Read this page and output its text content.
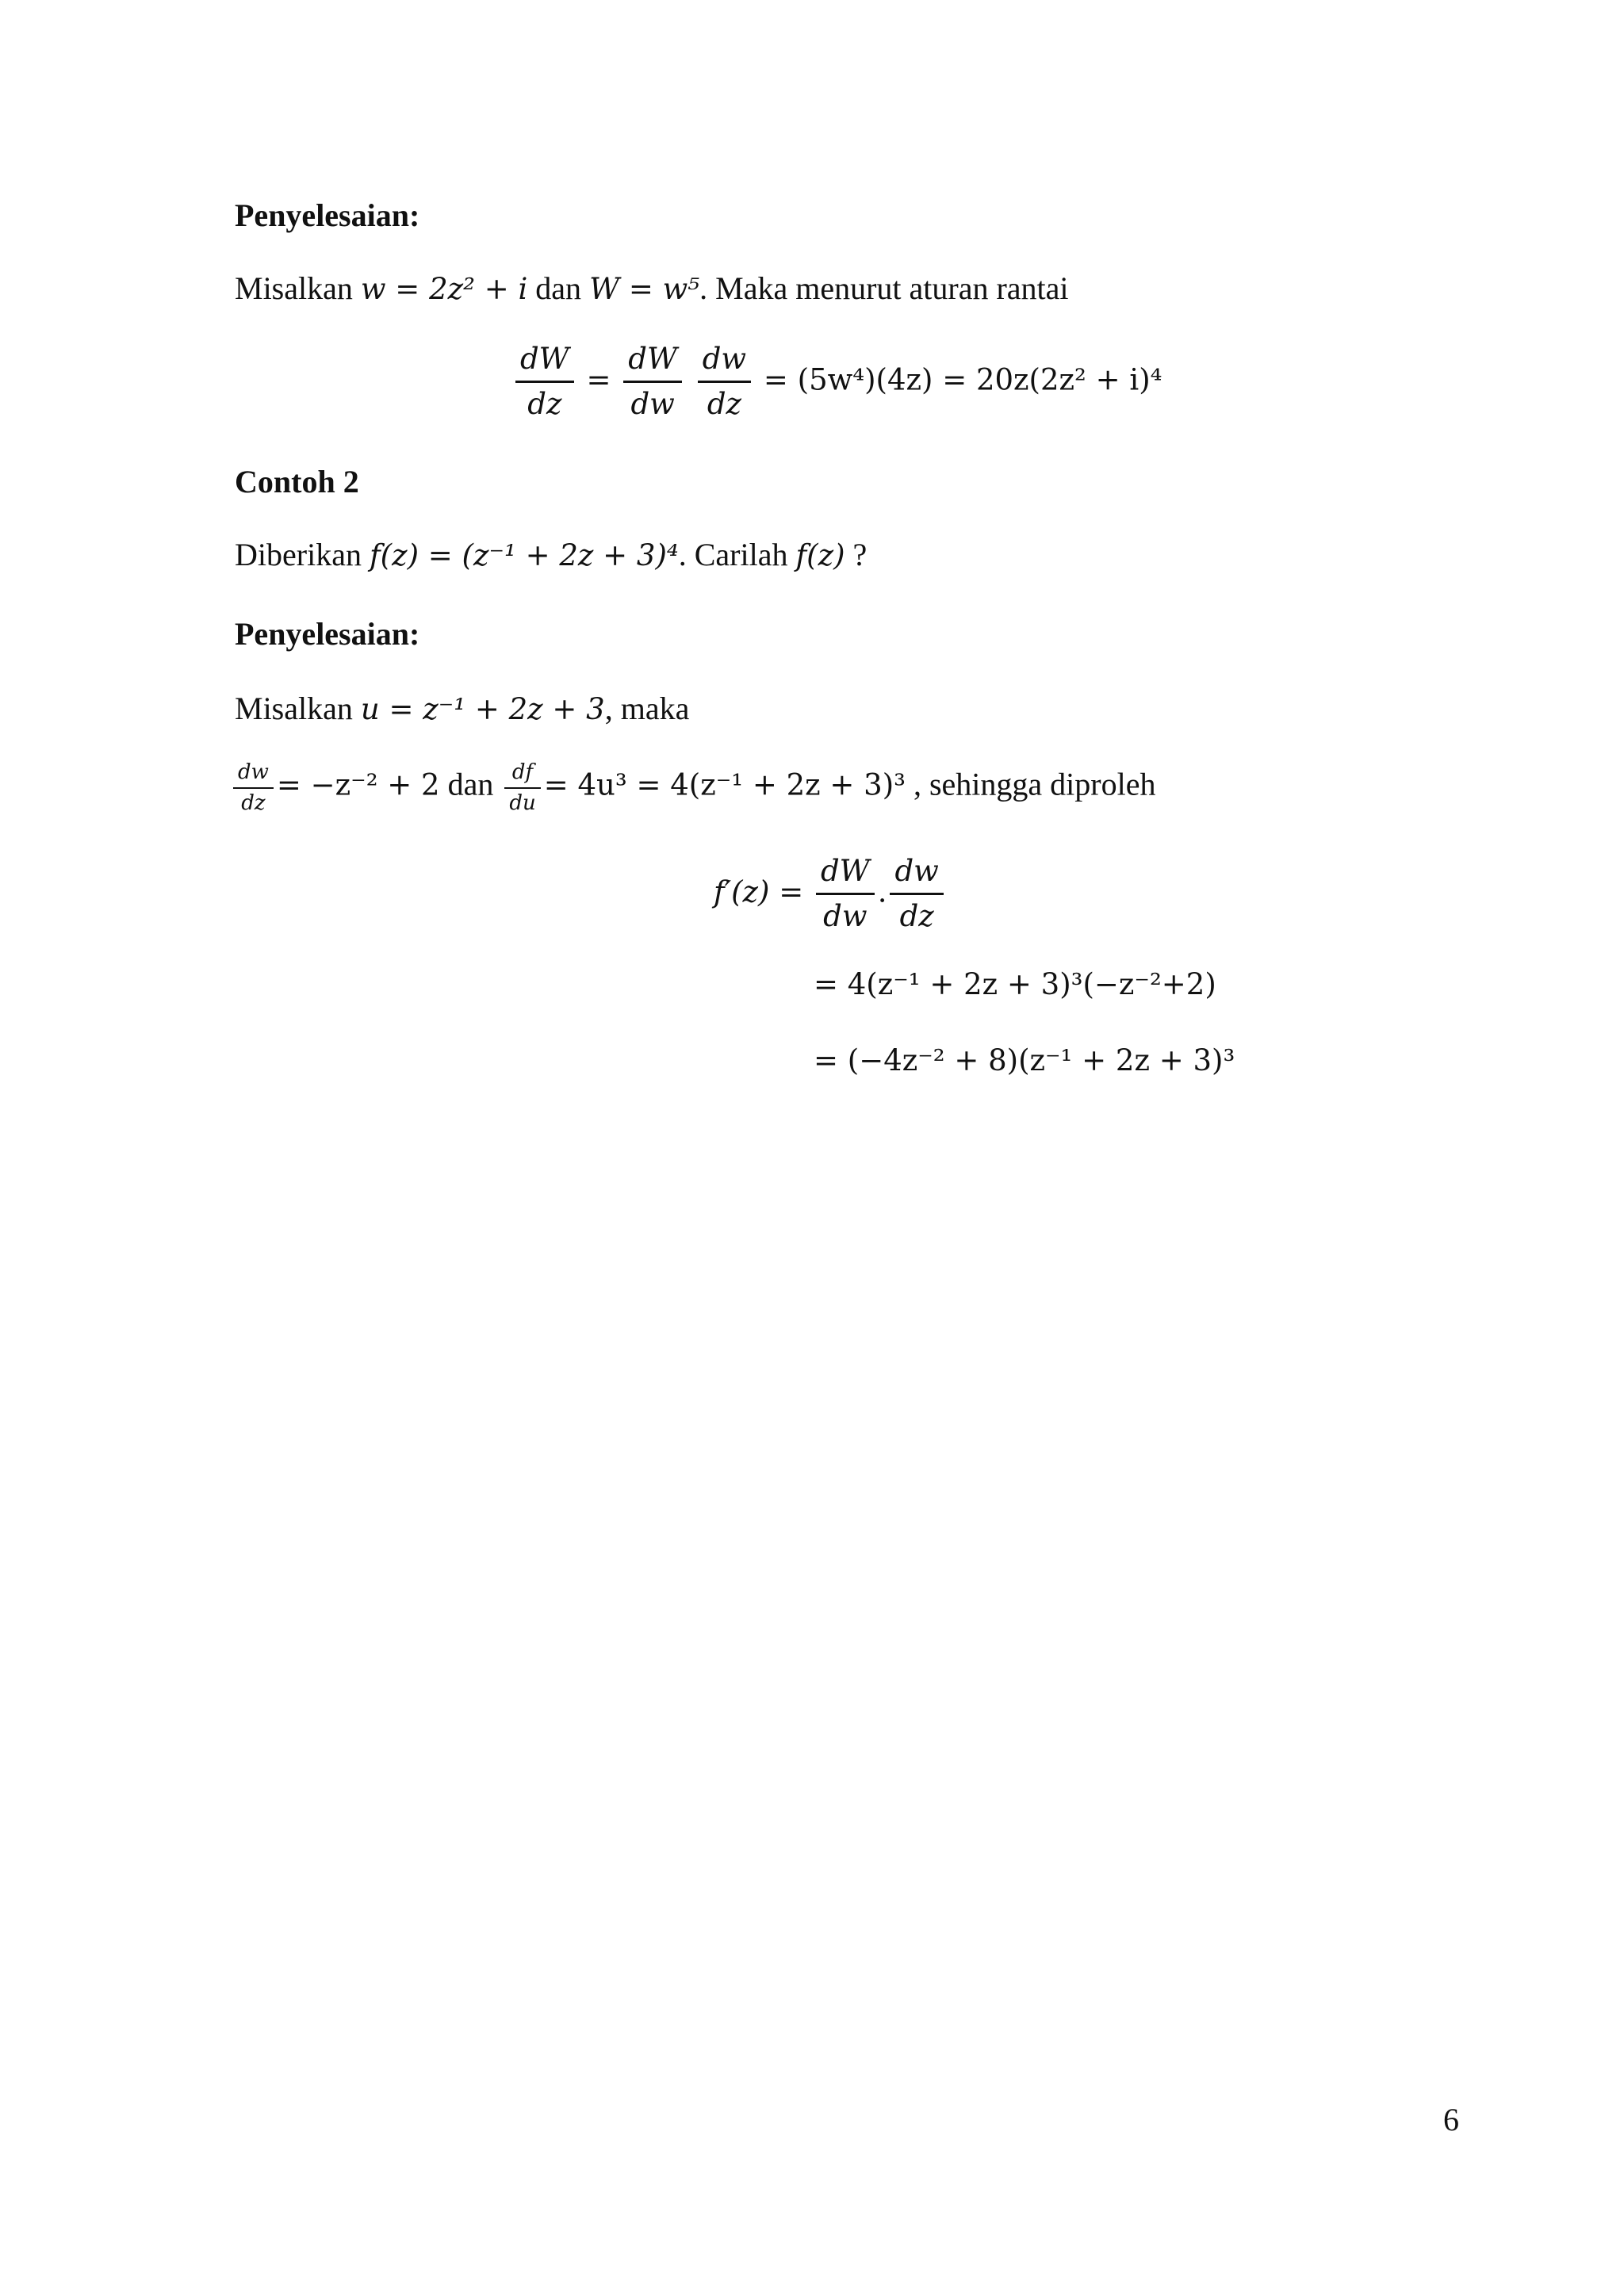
Penyelesaian:
Misalkan w = 2z² + i dan W = w⁵. Maka menurut aturan rantai
$\frac{dW}{dz} = \frac{dW}{dw}$
$\frac{dw}{dz} = (5w^4)(4z) = 20z(2z^2 + i)^4$
Contoh 2
Diberikan f(z) = (z⁻¹ + 2z + 3)⁴. Carilah f(z) ?
Penyelesaian:
Misalkan u = z⁻¹ + 2z + 3, maka
$\frac{dw}{dz} = -z^{-2} + 2$ dan $\frac{df}{du} = 4u^3 = 4(z^{-1} + 2z + 3)^3$ , sehingga diproleh
$f'(z) = \frac{dW}{dw}$ . $\frac{dw}{dz}$
= 4(z⁻¹ + 2z + 3)³(−z⁻²+2)
= (−4z⁻² + 8)(z⁻¹ + 2z + 3)³
6
